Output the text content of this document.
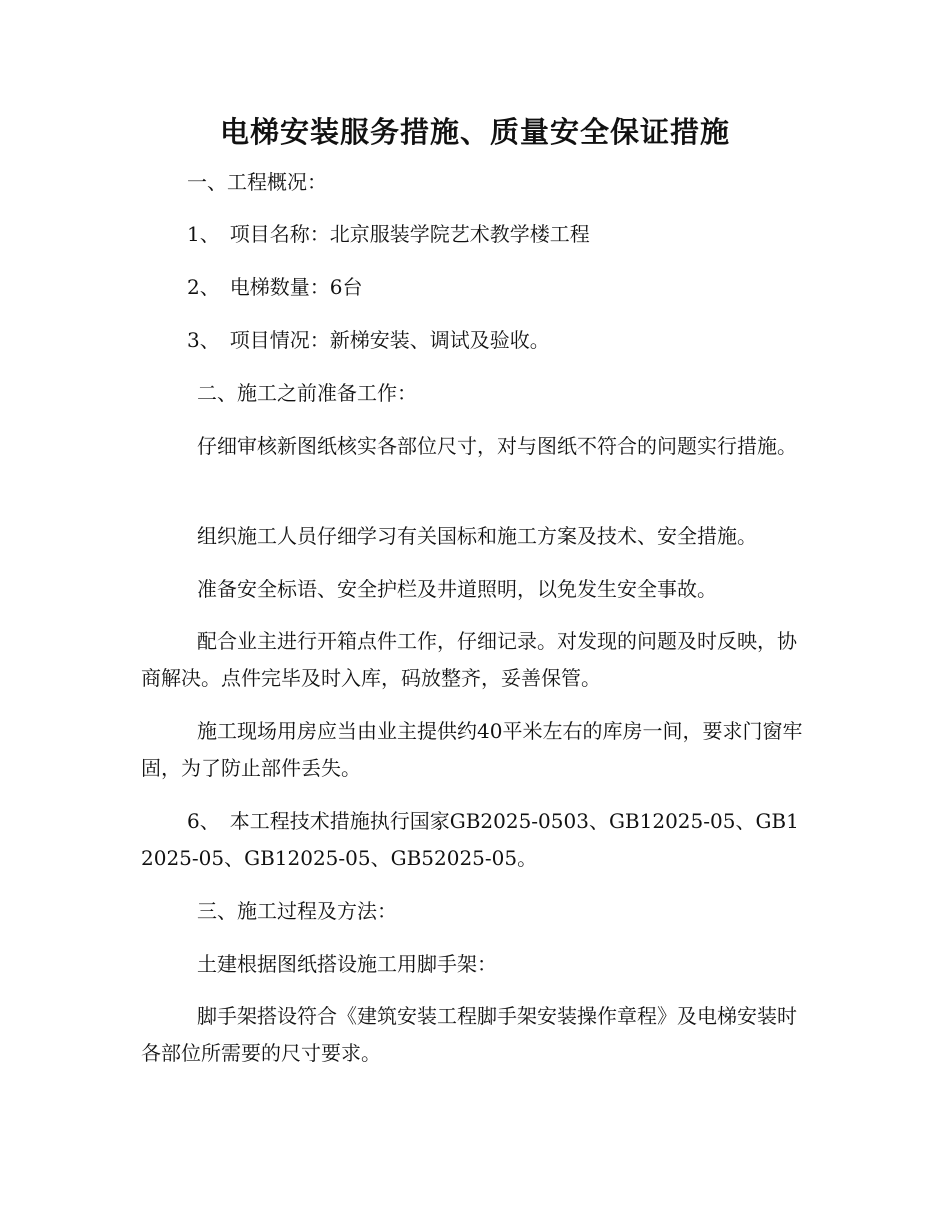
电梯安装服务措施、质量安全保证措施
一、工程概况：
1、　项目名称：北京服装学院艺术教学楼工程
2、　电梯数量：6台
3、　项目情况：新梯安装、调试及验收。
二、施工之前准备工作：
仔细审核新图纸核实各部位尺寸，对与图纸不符合的问题实行措施。
组织施工人员仔细学习有关国标和施工方案及技术、安全措施。
准备安全标语、安全护栏及井道照明，以免发生安全事故。
配合业主进行开箱点件工作，仔细记录。对发现的问题及时反映，协商解决。点件完毕及时入库，码放整齐，妥善保管。
施工现场用房应当由业主提供约40平米左右的库房一间，要求门窗牢固，为了防止部件丢失。
6、　本工程技术措施执行国家GB2025-0503、GB12025-05、GB12025-05、GB12025-05、GB52025-05。
三、施工过程及方法：
土建根据图纸搭设施工用脚手架：
脚手架搭设符合《建筑安装工程脚手架安装操作章程》及电梯安装时各部位所需要的尺寸要求。
